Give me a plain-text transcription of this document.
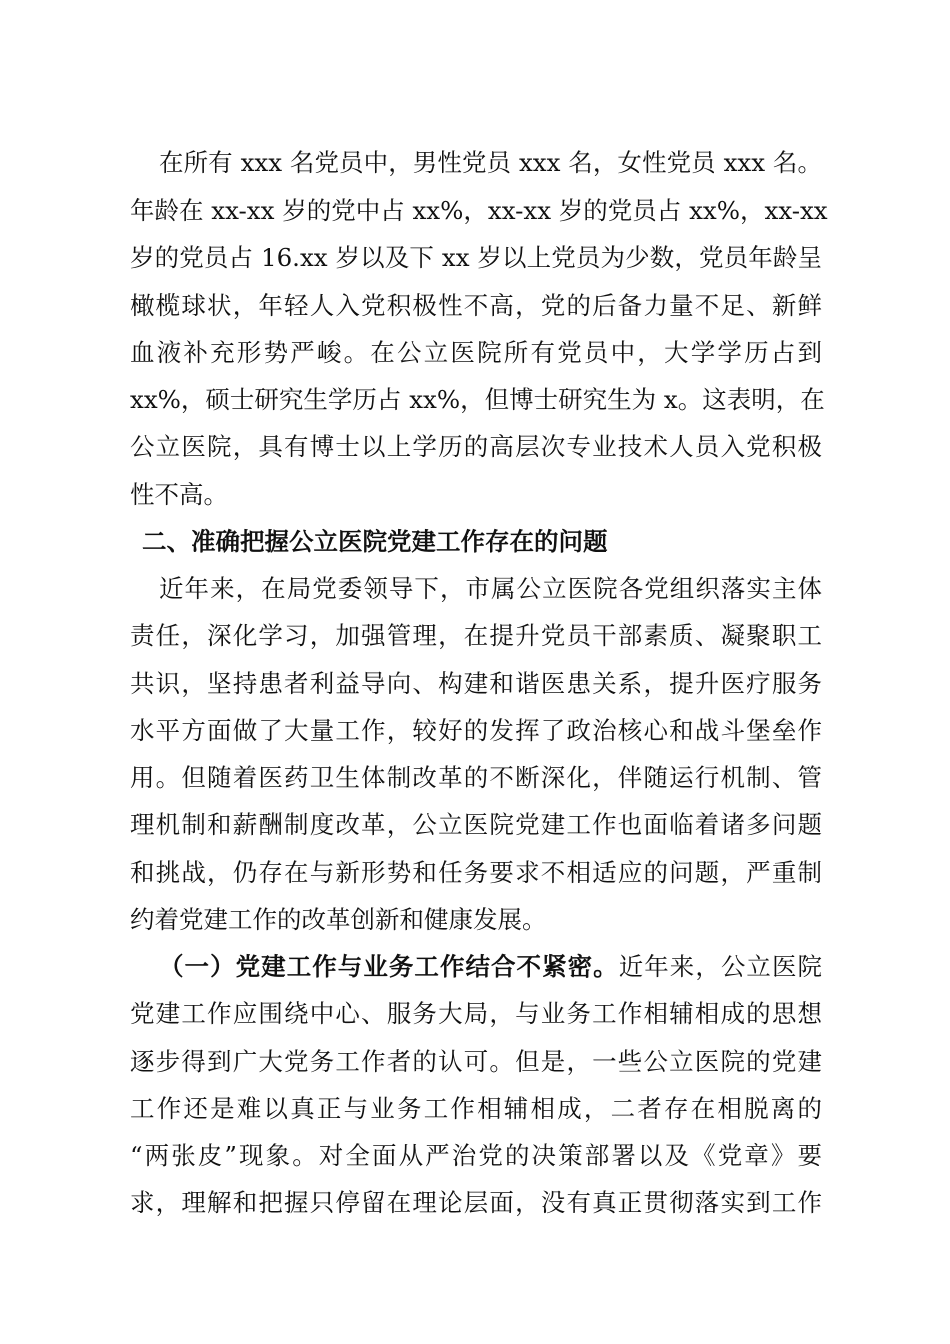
在所有 xxx 名党员中，男性党员 xxx 名，女性党员 xxx 名。
年龄在 xx-xx 岁的党中占 xx%，xx-xx 岁的党员占 xx%，xx-xx
岁的党员占 16.xx 岁以及下 xx 岁以上党员为少数，党员年龄呈
橄榄球状，年轻人入党积极性不高，党的后备力量不足、新鲜
血液补充形势严峻。在公立医院所有党员中，大学学历占到
xx%，硕士研究生学历占 xx%，但博士研究生为 x。这表明，在
公立医院，具有博士以上学历的高层次专业技术人员入党积极
性不高。
二、准确把握公立医院党建工作存在的问题
近年来，在局党委领导下，市属公立医院各党组织落实主体
责任，深化学习，加强管理，在提升党员干部素质、凝聚职工
共识，坚持患者利益导向、构建和谐医患关系，提升医疗服务
水平方面做了大量工作，较好的发挥了政治核心和战斗堡垒作
用。但随着医药卫生体制改革的不断深化，伴随运行机制、管
理机制和薪酬制度改革，公立医院党建工作也面临着诸多问题
和挑战，仍存在与新形势和任务要求不相适应的问题，严重制
约着党建工作的改革创新和健康发展。
（一）党建工作与业务工作结合不紧密。近年来，公立医院
党建工作应围绕中心、服务大局，与业务工作相辅相成的思想
逐步得到广大党务工作者的认可。但是，一些公立医院的党建
工作还是难以真正与业务工作相辅相成，二者存在相脱离的
“两张皮”现象。对全面从严治党的决策部署以及《党章》要
求，理解和把握只停留在理论层面，没有真正贯彻落实到工作
